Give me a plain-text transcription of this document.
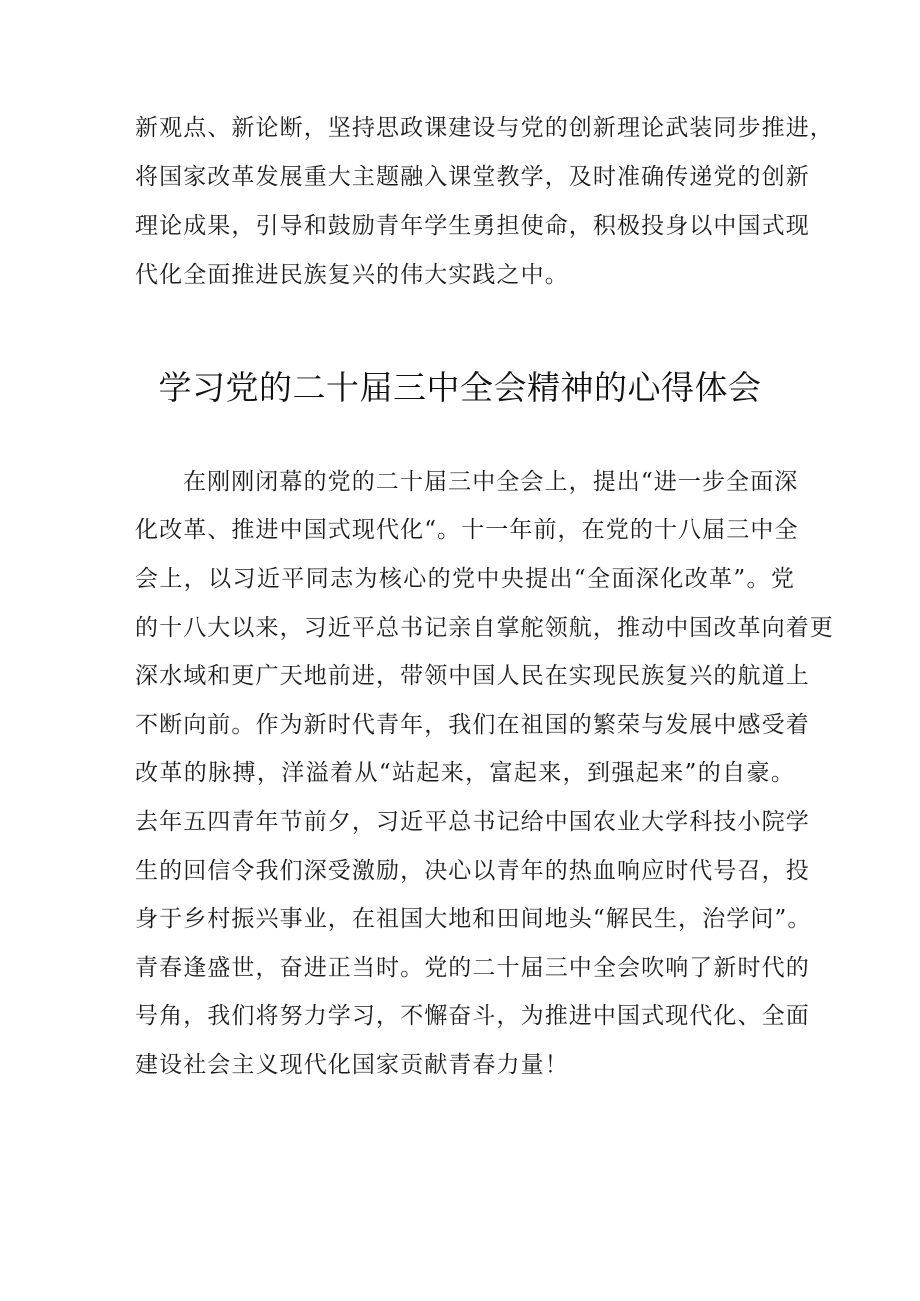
新观点、新论断，坚持思政课建设与党的创新理论武装同步推进，
将国家改革发展重大主题融入课堂教学，及时准确传递党的创新
理论成果，引导和鼓励青年学生勇担使命，积极投身以中国式现
代化全面推进民族复兴的伟大实践之中。
学习党的二十届三中全会精神的心得体会
在刚刚闭幕的党的二十届三中全会上，提出“进一步全面深
化改革、推进中国式现代化“。十一年前，在党的十八届三中全
会上，以习近平同志为核心的党中央提出“全面深化改革”。党
的十八大以来，习近平总书记亲自掌舵领航，推动中国改革向着更
深水域和更广天地前进，带领中国人民在实现民族复兴的航道上
不断向前。作为新时代青年，我们在祖国的繁荣与发展中感受着
改革的脉搏，洋溢着从“站起来，富起来，到强起来”的自豪。
去年五四青年节前夕，习近平总书记给中国农业大学科技小院学
生的回信令我们深受激励，决心以青年的热血响应时代号召，投
身于乡村振兴事业，在祖国大地和田间地头“解民生，治学问”。
青春逢盛世，奋进正当时。党的二十届三中全会吹响了新时代的
号角，我们将努力学习，不懈奋斗，为推进中国式现代化、全面
建设社会主义现代化国家贡献青春力量！
